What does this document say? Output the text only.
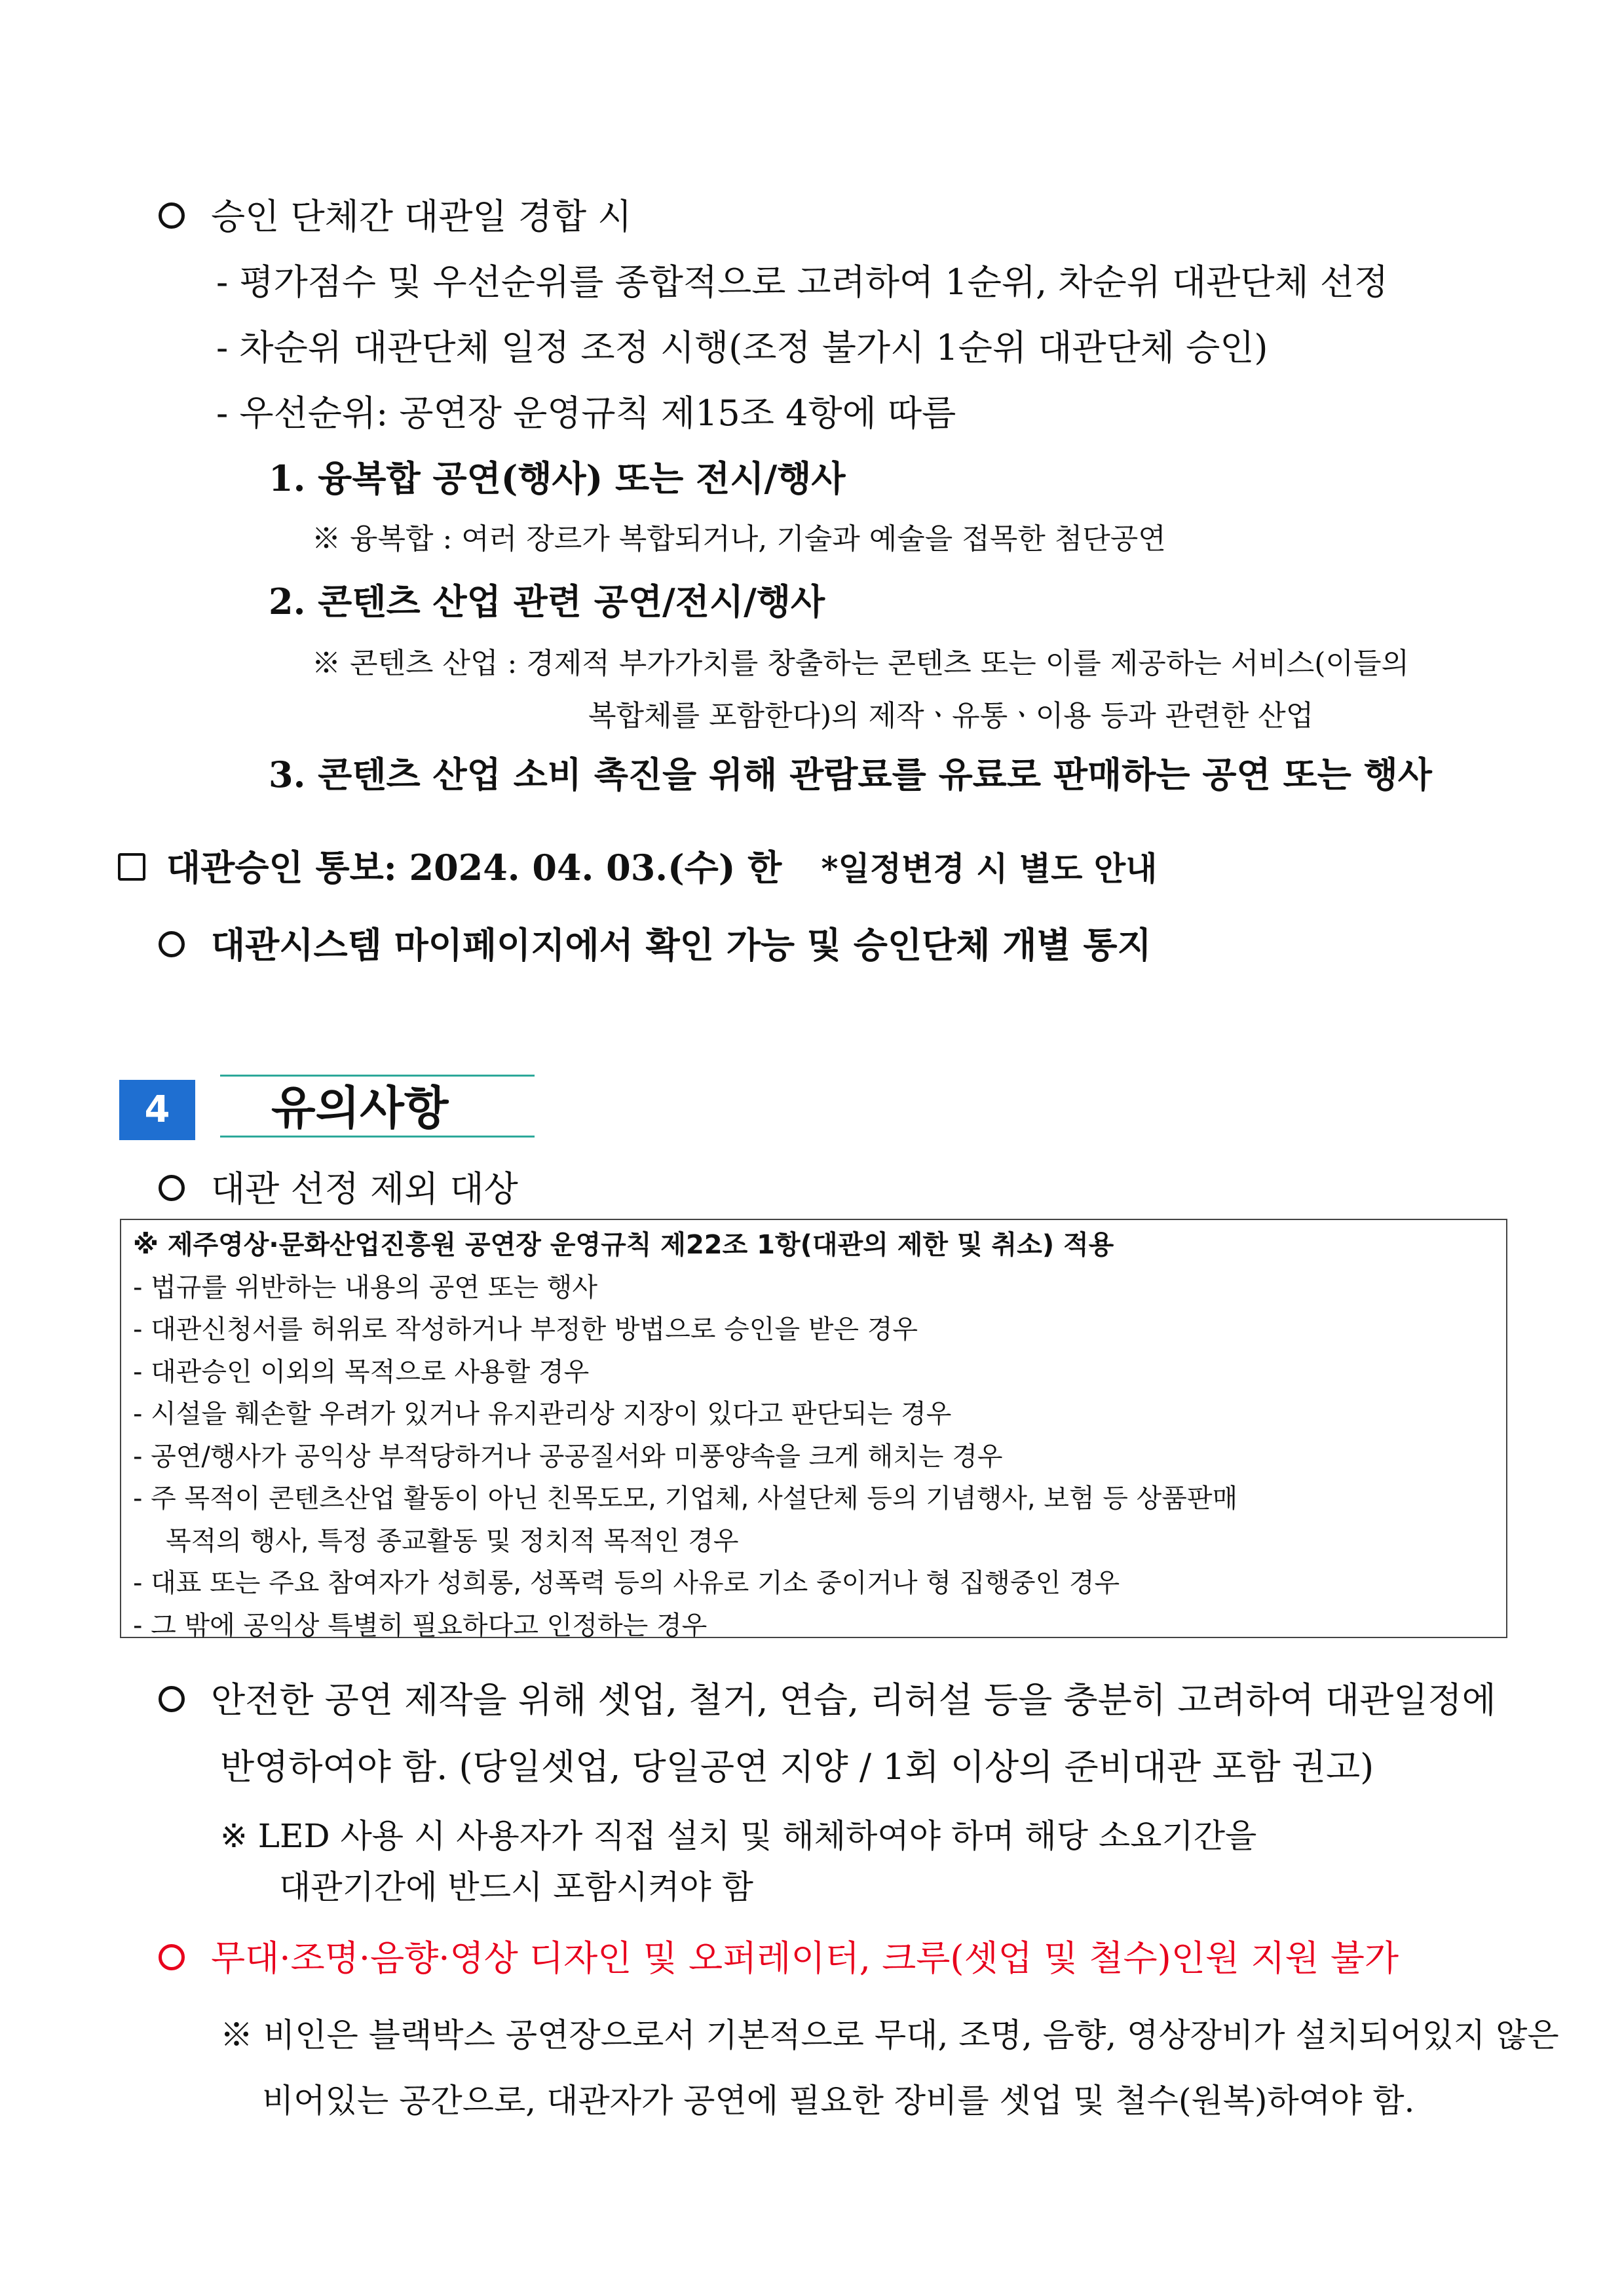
승인 단체간 대관일 경합 시
- 평가점수 및 우선순위를 종합적으로 고려하여 1순위, 차순위 대관단체 선정
- 차순위 대관단체 일정 조정 시행(조정 불가시 1순위 대관단체 승인)
- 우선순위: 공연장 운영규칙 제15조 4항에 따름
1. 융복합 공연(행사) 또는 전시/행사
※ 융복합 : 여러 장르가 복합되거나, 기술과 예술을 접목한 첨단공연
2. 콘텐츠 산업 관련 공연/전시/행사
※ 콘텐츠 산업 : 경제적 부가가치를 창출하는 콘텐츠 또는 이를 제공하는 서비스(이들의
복합체를 포함한다)의 제작ㆍ유통ㆍ이용 등과 관련한 산업
3. 콘텐츠 산업 소비 촉진을 위해 관람료를 유료로 판매하는 공연 또는 행사
대관승인 통보: 2024. 04. 03.(수) 한 *일정변경 시 별도 안내
대관시스템 마이페이지에서 확인 가능 및 승인단체 개별 통지
4	유의사항
대관 선정 제외 대상
※ 제주영상·문화산업진흥원 공연장 운영규칙 제22조 1항(대관의 제한 및 취소) 적용
- 법규를 위반하는 내용의 공연 또는 행사
- 대관신청서를 허위로 작성하거나 부정한 방법으로 승인을 받은 경우
- 대관승인 이외의 목적으로 사용할 경우
- 시설을 훼손할 우려가 있거나 유지관리상 지장이 있다고 판단되는 경우
- 공연/행사가 공익상 부적당하거나 공공질서와 미풍양속을 크게 해치는 경우
- 주 목적이 콘텐츠산업 활동이 아닌 친목도모, 기업체, 사설단체 등의 기념행사, 보험 등 상품판매
목적의 행사, 특정 종교활동 및 정치적 목적인 경우
- 대표 또는 주요 참여자가 성희롱, 성폭력 등의 사유로 기소 중이거나 형 집행중인 경우
- 그 밖에 공익상 특별히 필요하다고 인정하는 경우
안전한 공연 제작을 위해 셋업, 철거, 연습, 리허설 등을 충분히 고려하여 대관일정에
반영하여야 함. (당일셋업, 당일공연 지양 / 1회 이상의 준비대관 포함 권고)
※ LED 사용 시 사용자가 직접 설치 및 해체하여야 하며 해당 소요기간을
대관기간에 반드시 포함시켜야 함
무대·조명·음향·영상 디자인 및 오퍼레이터, 크루(셋업 및 철수)인원 지원 불가
※ 비인은 블랙박스 공연장으로서 기본적으로 무대, 조명, 음향, 영상장비가 설치되어있지 않은
비어있는 공간으로, 대관자가 공연에 필요한 장비를 셋업 및 철수(원복)하여야 함.
